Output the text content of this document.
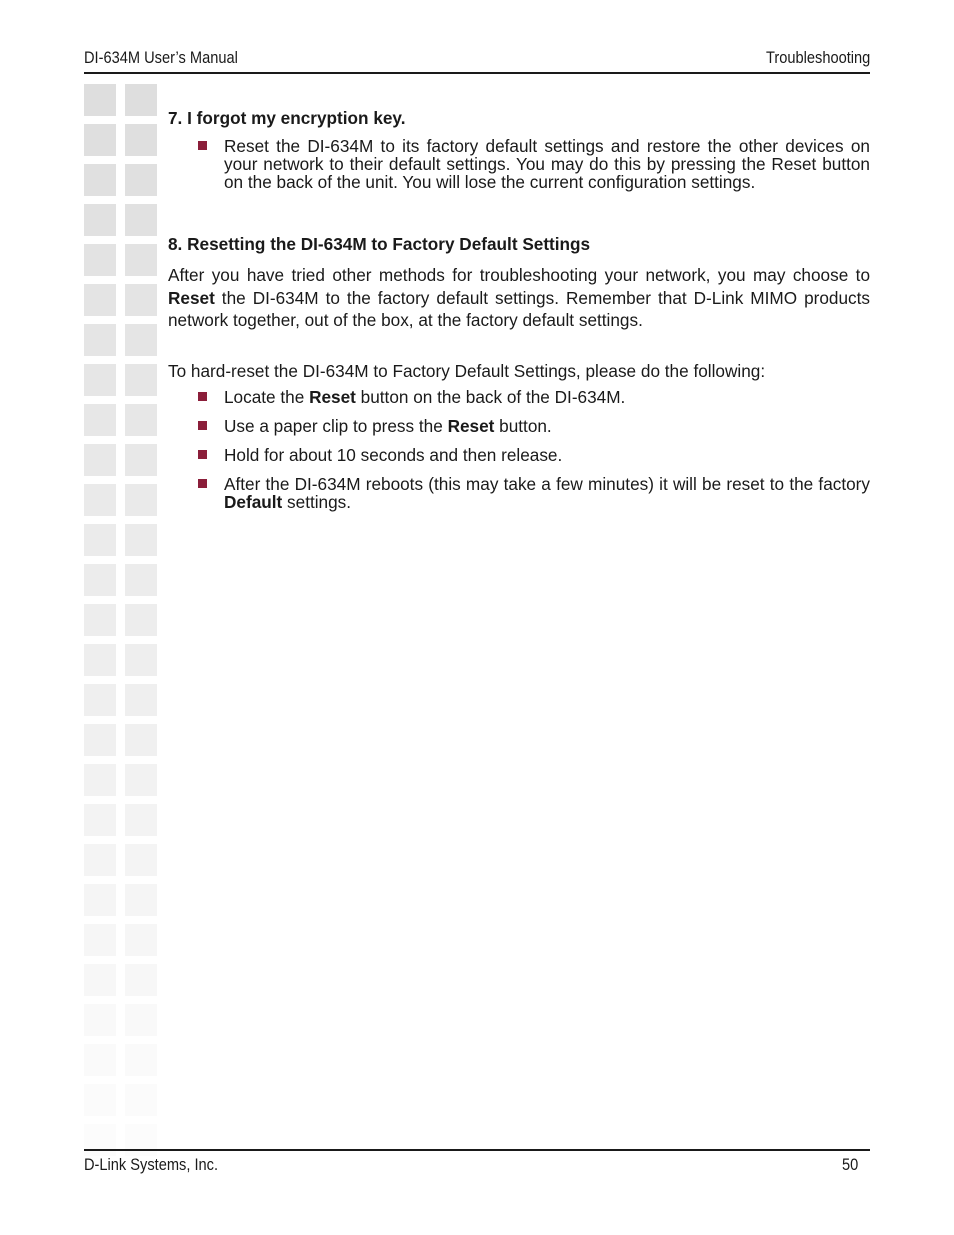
DI-634M User’s Manual	Troubleshooting

7. I forgot my encryption key.

Reset the DI-634M to its factory default settings and restore the other devices on your network to their default settings. You may do this by pressing the Reset button on the back of the unit. You will lose the current configuration settings.

8. Resetting the DI-634M to Factory Default Settings

After you have tried other methods for troubleshooting your network, you may choose to Reset the DI-634M to the factory default settings. Remember that D-Link MIMO products network together, out of the box, at the factory default settings.

To hard-reset the DI-634M to Factory Default Settings, please do the following:

Locate the Reset button on the back of the DI-634M.
Use a paper clip to press the Reset button.
Hold for about 10 seconds and then release.
After the DI-634M reboots (this may take a few minutes) it will be reset to the factory Default settings.
D-Link Systems, Inc.	50
